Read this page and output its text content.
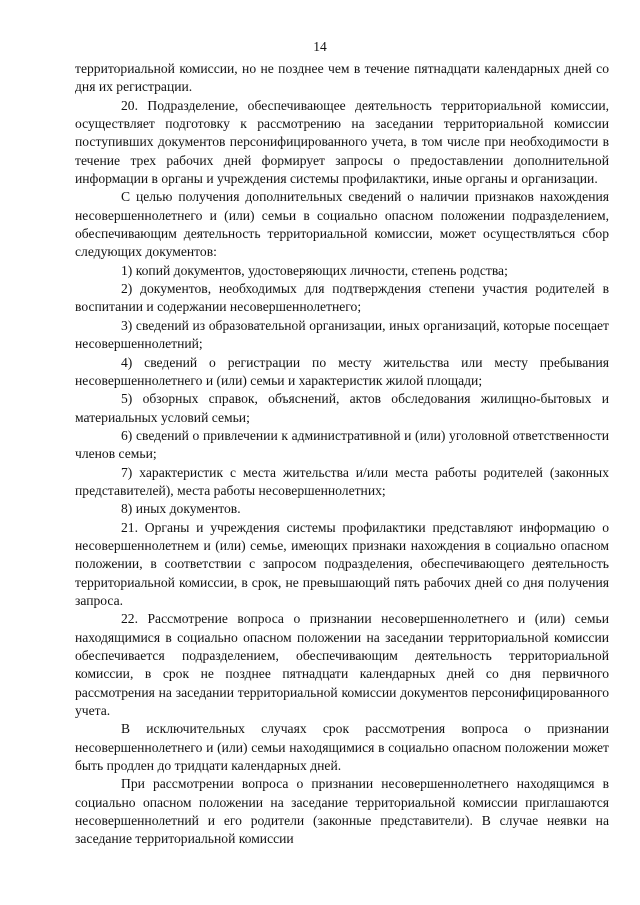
14

территориальной комиссии, но не позднее чем в течение пятнадцати календарных дней со дня их регистрации.

20. Подразделение, обеспечивающее деятельность территориальной комиссии, осуществляет подготовку к рассмотрению на заседании территориальной комиссии поступивших документов персонифицированного учета, в том числе при необходимости в течение трех рабочих дней формирует запросы о предоставлении дополнительной информации в органы и учреждения системы профилактики, иные органы и организации.

С целью получения дополнительных сведений о наличии признаков нахождения несовершеннолетнего и (или) семьи в социально опасном положении подразделением, обеспечивающим деятельность территориальной комиссии, может осуществляться сбор следующих документов:

1) копий документов, удостоверяющих личности, степень родства;

2) документов, необходимых для подтверждения степени участия родителей в воспитании и содержании несовершеннолетнего;

3) сведений из образовательной организации, иных организаций, которые посещает несовершеннолетний;

4) сведений о регистрации по месту жительства или месту пребывания несовершеннолетнего и (или) семьи и характеристик жилой площади;

5) обзорных справок, объяснений, актов обследования жилищно-бытовых и материальных условий семьи;

6) сведений о привлечении к административной и (или) уголовной ответственности членов семьи;

7) характеристик с места жительства и/или места работы родителей (законных представителей), места работы несовершеннолетних;

8) иных документов.

21. Органы и учреждения системы профилактики представляют информацию о несовершеннолетнем и (или) семье, имеющих признаки нахождения в социально опасном положении, в соответствии с запросом подразделения, обеспечивающего деятельность территориальной комиссии, в срок, не превышающий пять рабочих дней со дня получения запроса.

22. Рассмотрение вопроса о признании несовершеннолетнего и (или) семьи находящимися в социально опасном положении на заседании территориальной комиссии обеспечивается подразделением, обеспечивающим деятельность территориальной комиссии, в срок не позднее пятнадцати календарных дней со дня первичного рассмотрения на заседании территориальной комиссии документов персонифицированного учета.

В исключительных случаях срок рассмотрения вопроса о признании несовершеннолетнего и (или) семьи находящимися в социально опасном положении может быть продлен до тридцати календарных дней.

При рассмотрении вопроса о признании несовершеннолетнего находящимся в социально опасном положении на заседание территориальной комиссии приглашаются несовершеннолетний и его родители (законные представители). В случае неявки на заседание территориальной комиссии
